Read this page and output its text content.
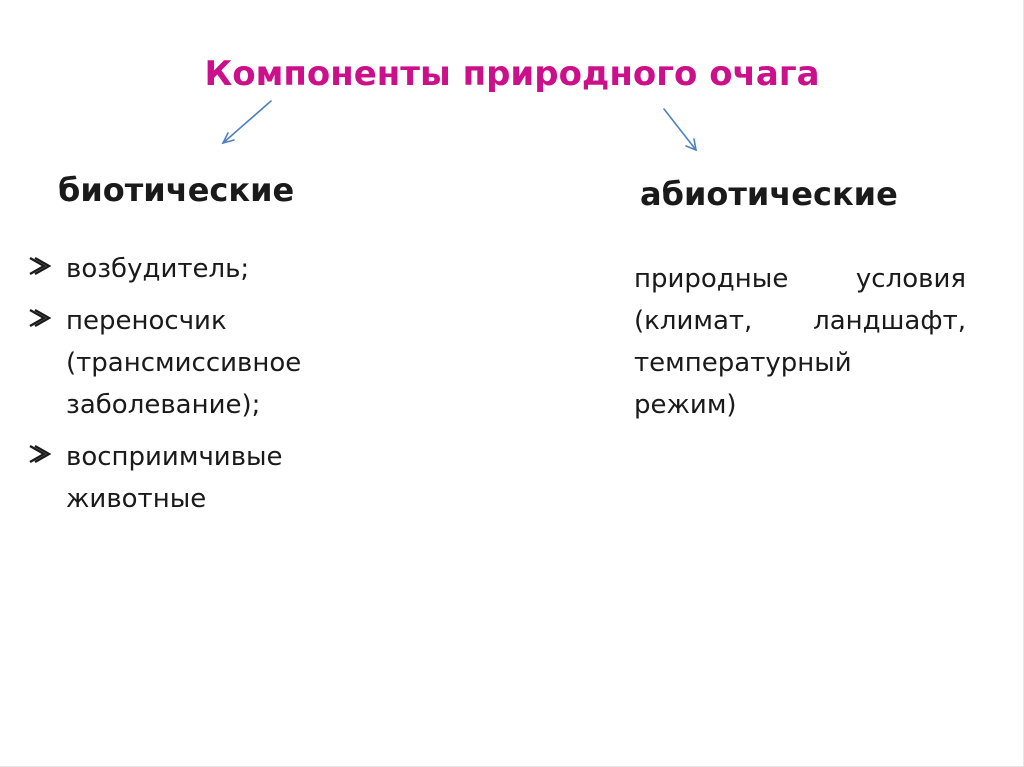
Компоненты природного очага
биотические	абиотические
возбудитель;
переносчик
(трансмиссивное
заболевание);
восприимчивые
животные
природные	условия
(климат, ландшафт,
температурный
режим)
